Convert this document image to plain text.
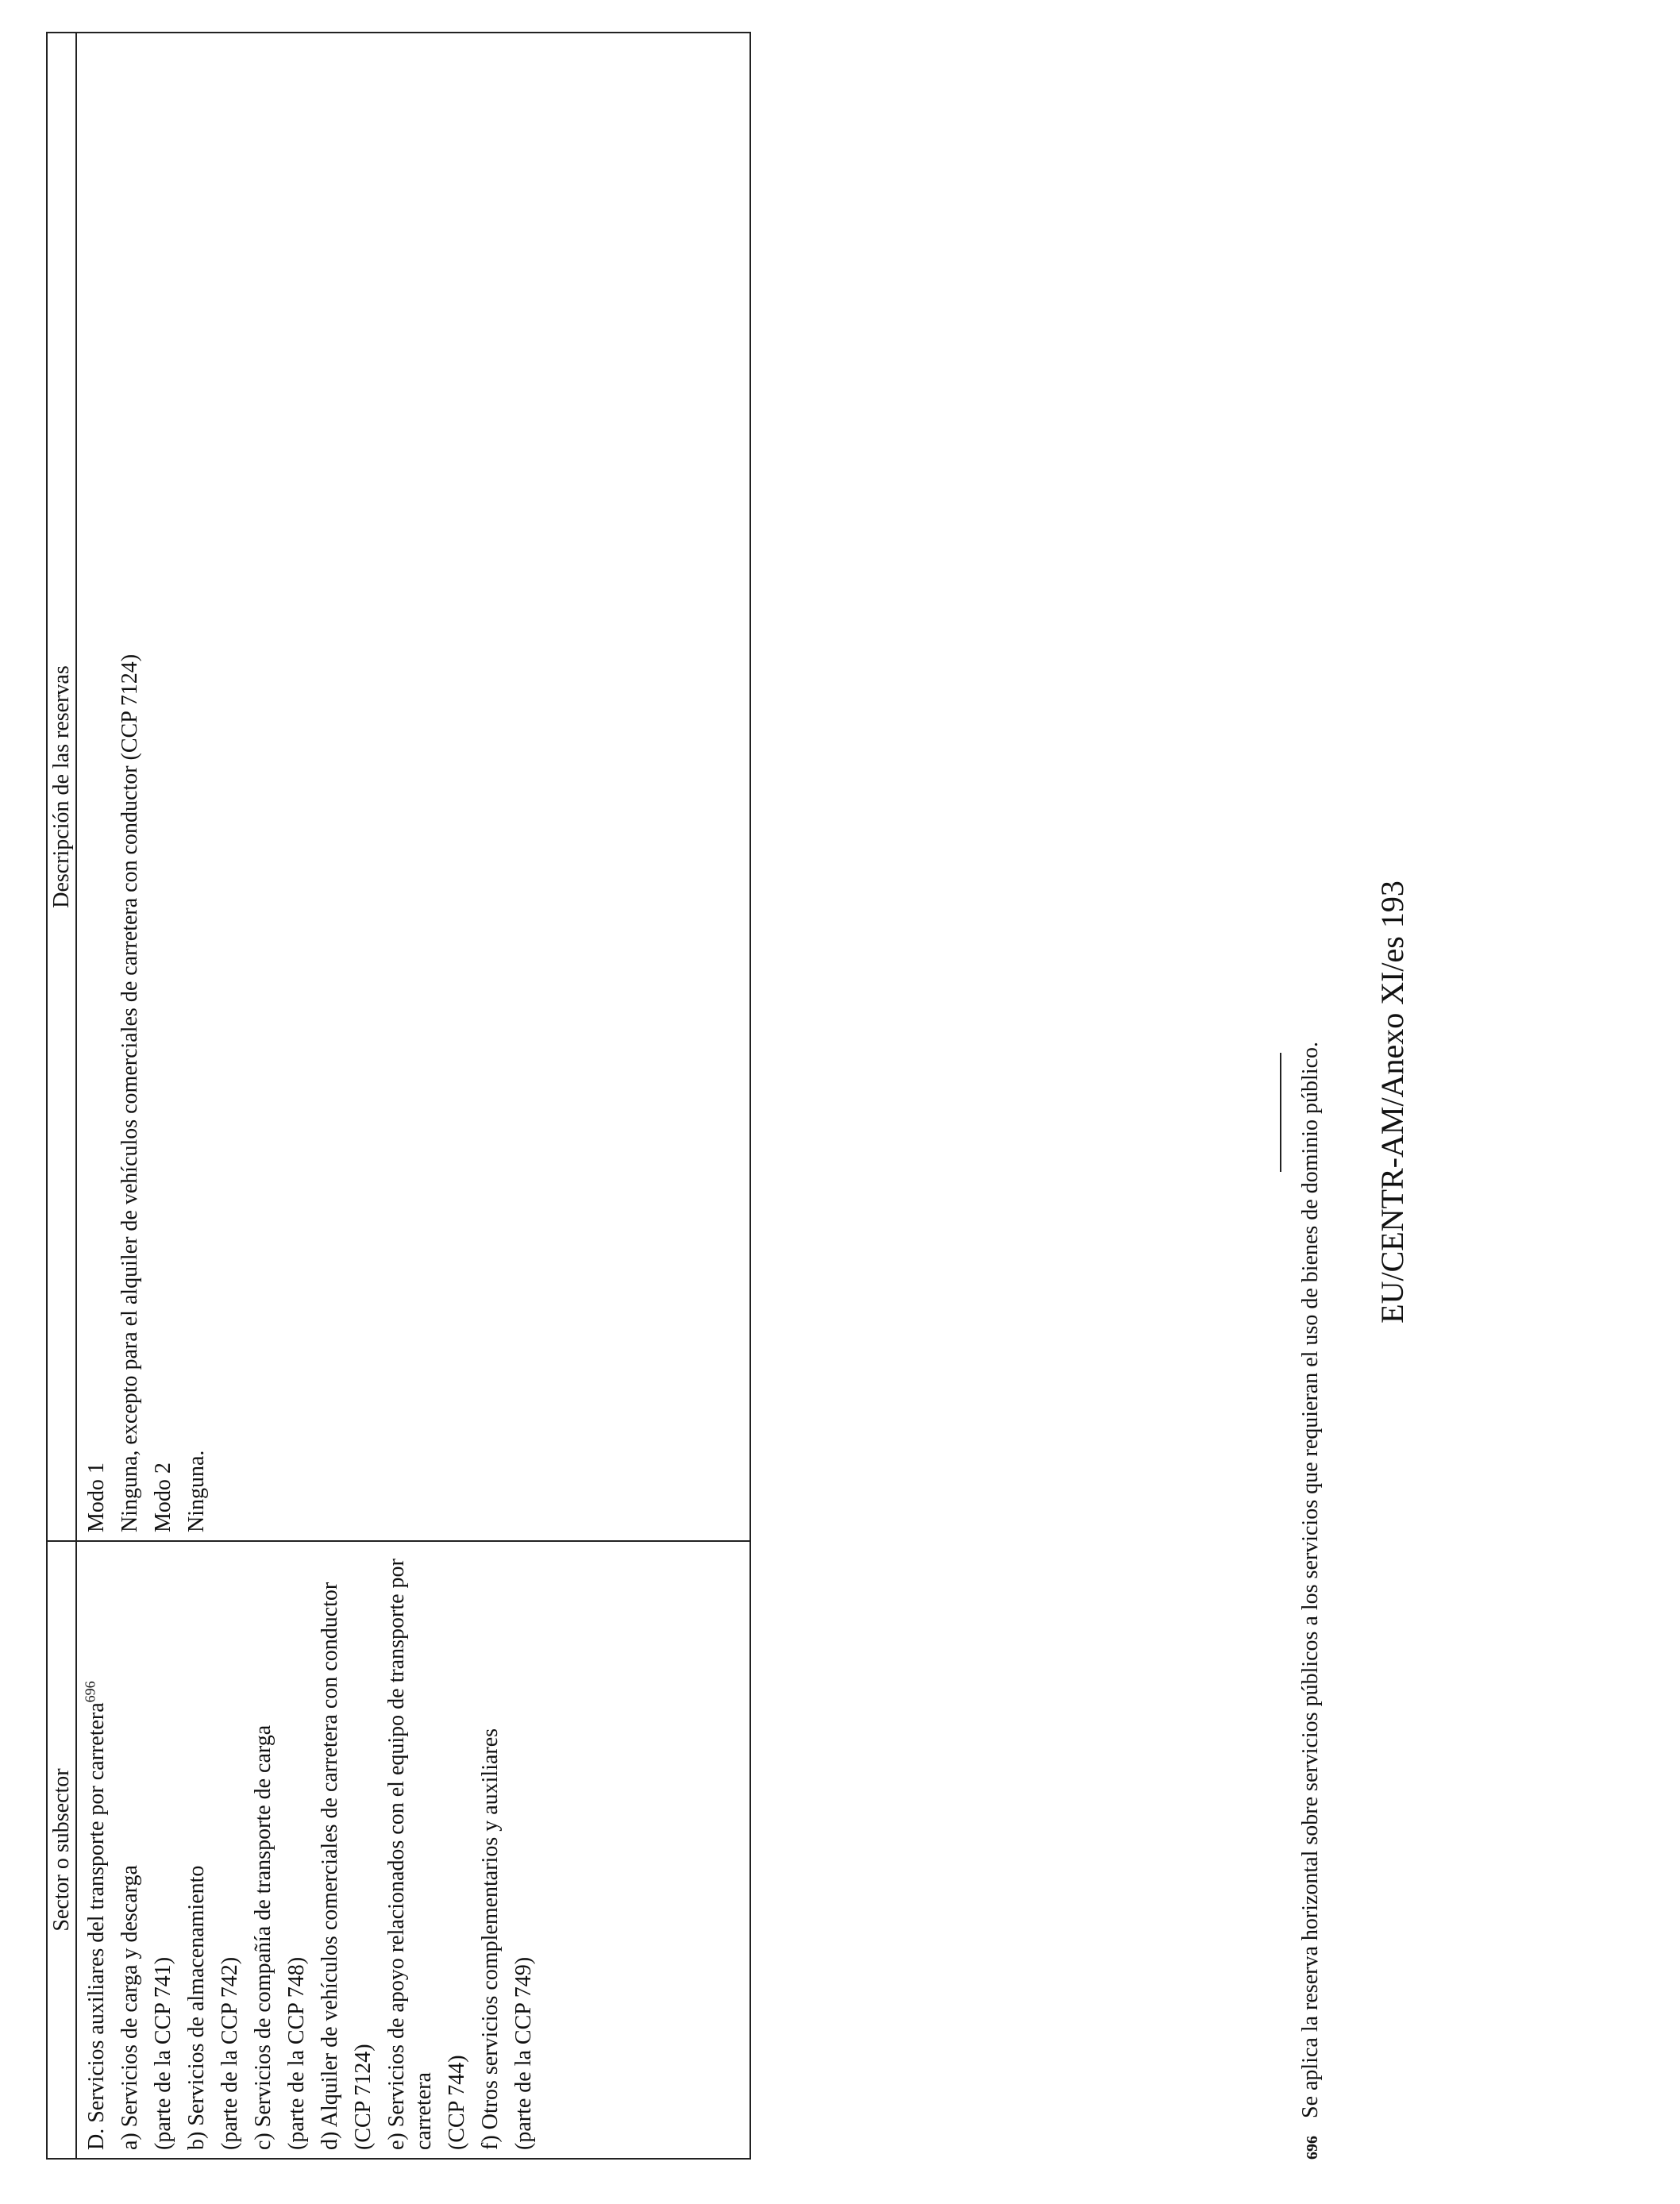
Sector o subsector
Descripción de las reservas
D. Servicios auxiliares del transporte por carretera$^{696}$
a) Servicios de carga y descarga (parte de la CCP 741) b) Servicios de almacenamiento (parte de la CCP 742) c) Servicios de compañía de transporte de carga (parte de la CCP 748) d) Alquiler de vehículos comerciales de carretera con conductor (CCP 7124) e) Servicios de apoyo relacionados con el equipo de transporte por carretera (CCP 744) f) Otros servicios complementarios y auxiliares (parte de la CCP 749)
Modo 1 Ninguna, excepto para el alquiler de vehículos comerciales de carretera con conductor (CCP 7124) Modo 2 Ninguna.
696
Se aplica la reserva horizontal sobre servicios públicos a los servicios que requieran el uso de bienes de dominio público. EU/CENTR-AM/Anexo XI/es 193
